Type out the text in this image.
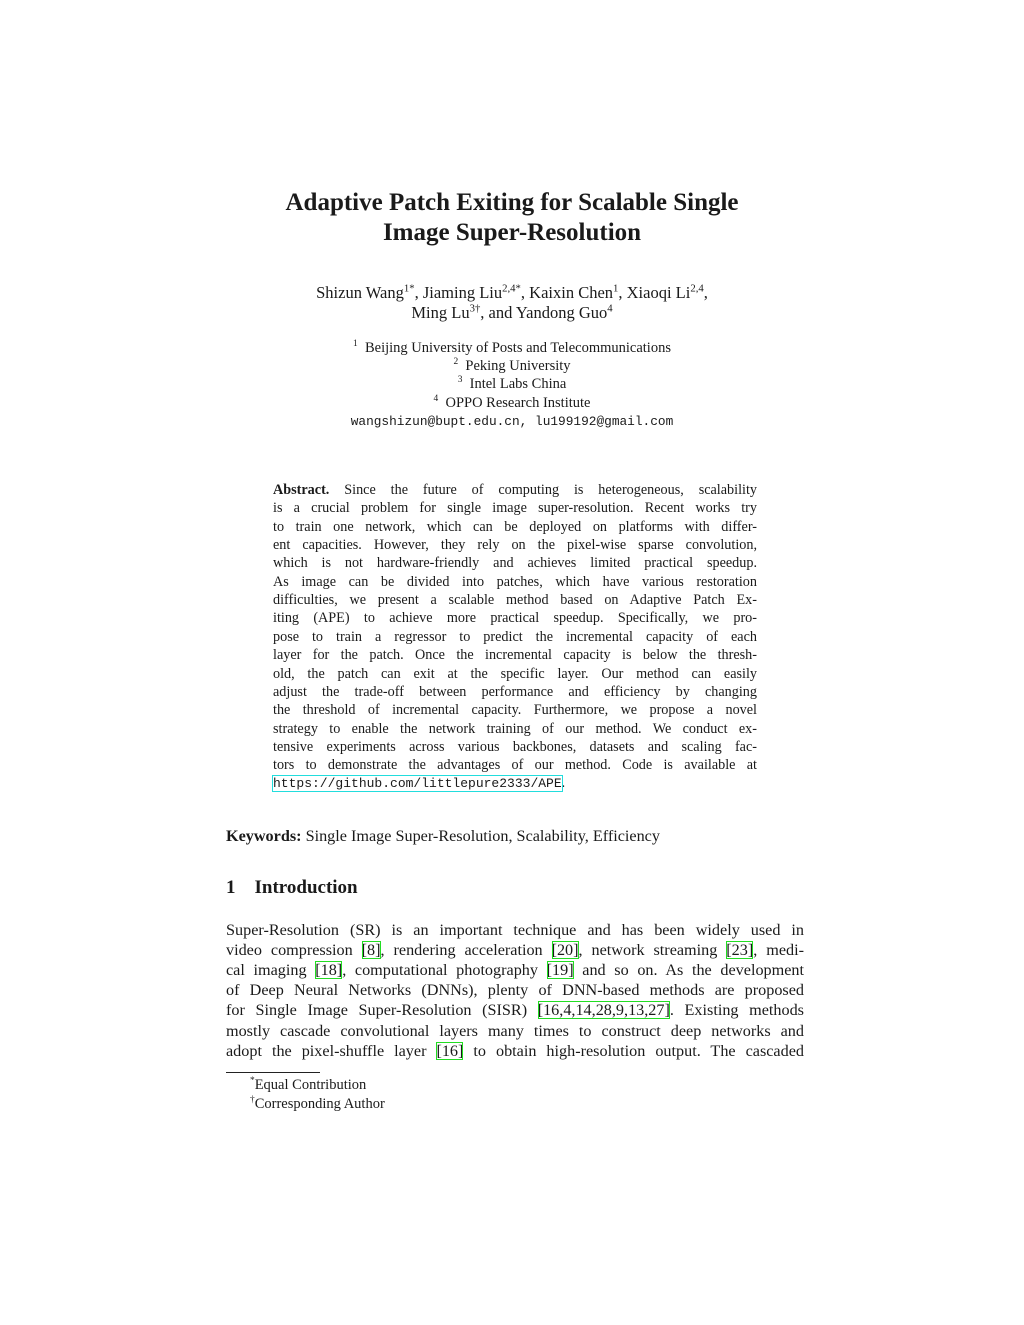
Adaptive Patch Exiting for Scalable Single
Image Super-Resolution
Shizun Wang$^{1*}$, Jiaming Liu$^{2,4*}$, Kaixin Chen$^1$, Xiaoqi Li$^{2,4}$,
Ming $Lu^{3\dagger}$, and Yandong Guo$^4$
$^1$ Beijing University of Posts and Telecommunications
$^2$ Peking University
$^3$ Intel Labs China
$^4$ OPPO Research Institute
wangshizun@bupt.edu.cn, lu199192@gmail.com
Abstract. Since the future of computing is heterogeneous, scalability
is a crucial problem for single image super-resolution. Recent works try
to train one network, which can be deployed on platforms with differ-
ent capacities. However, they rely on the pixel-wise sparse convolution,
which is not hardware-friendly and achieves limited practical speedup.
As image can be divided into patches, which have various restoration
difficulties, we present a scalable method based on Adaptive Patch Ex-
iting (APE) to achieve more practical speedup. Specifically, we pro-
pose to train a regressor to predict the incremental capacity of each
layer for the patch. Once the incremental capacity is below the thresh-
old, the patch can exit at the specific layer. Our method can easily
adjust the trade-off between performance and efficiency by changing
the threshold of incremental capacity. Furthermore, we propose a novel
strategy to enable the network training of our method. We conduct ex-
tensive experiments across various backbones, datasets and scaling fac-
tors to demonstrate the advantages of our method. Code is available at
https://github.com/littlepure2333/APE.
Keywords: Single Image Super-Resolution, Scalability, Efficiency
1 Introduction
Super-Resolution (SR) is an important technique and has been widely used in
video compression [8], rendering acceleration [20], network streaming [23], medi-
cal imaging [18], computational photography [19] and so on. As the development
of Deep Neural Networks (DNNs), plenty of DNN-based methods are proposed
for Single Image Super-Resolution (SISR) [16,4,14,28,9,13,27]. Existing methods
mostly cascade convolutional layers many times to construct deep networks and
adopt the pixel-shuffle layer [16] to obtain high-resolution output. The cascaded
*Equal Contribution
†Corresponding Author
